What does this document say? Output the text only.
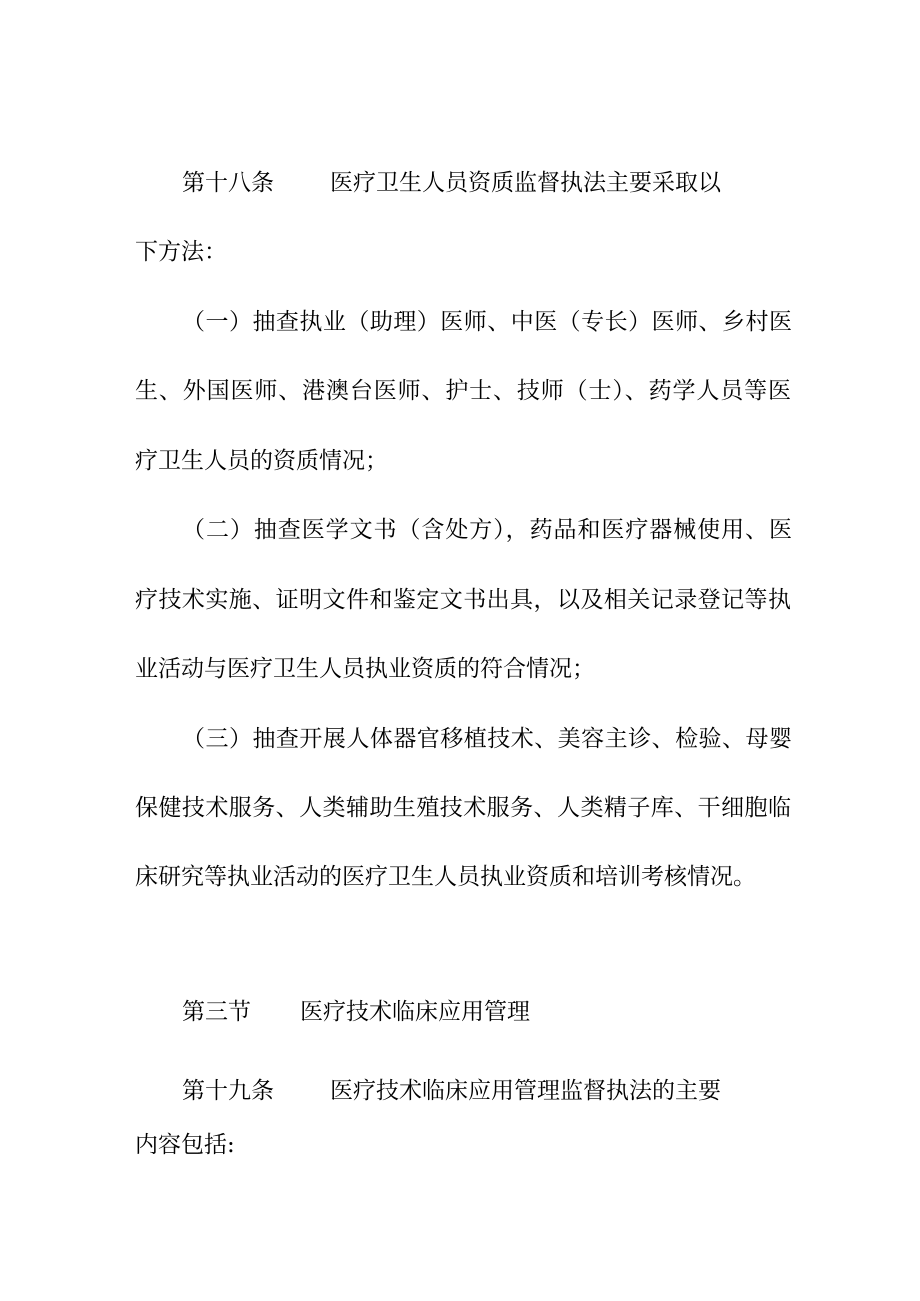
第十八条 医疗卫生人员资质监督执法主要采取以
下方法：
（一）抽查执业（助理）医师、中医（专长）医师、乡村医
生、外国医师、港澳台医师、护士、技师（士）、药学人员等医
疗卫生人员的资质情况；
（二）抽查医学文书（含处方），药品和医疗器械使用、医
疗技术实施、证明文件和鉴定文书出具，以及相关记录登记等执
业活动与医疗卫生人员执业资质的符合情况；
（三）抽查开展人体器官移植技术、美容主诊、检验、母婴
保健技术服务、人类辅助生殖技术服务、人类精子库、干细胞临
床研究等执业活动的医疗卫生人员执业资质和培训考核情况。
第三节 医疗技术临床应用管理
第十九条 医疗技术临床应用管理监督执法的主要
内容包括:
